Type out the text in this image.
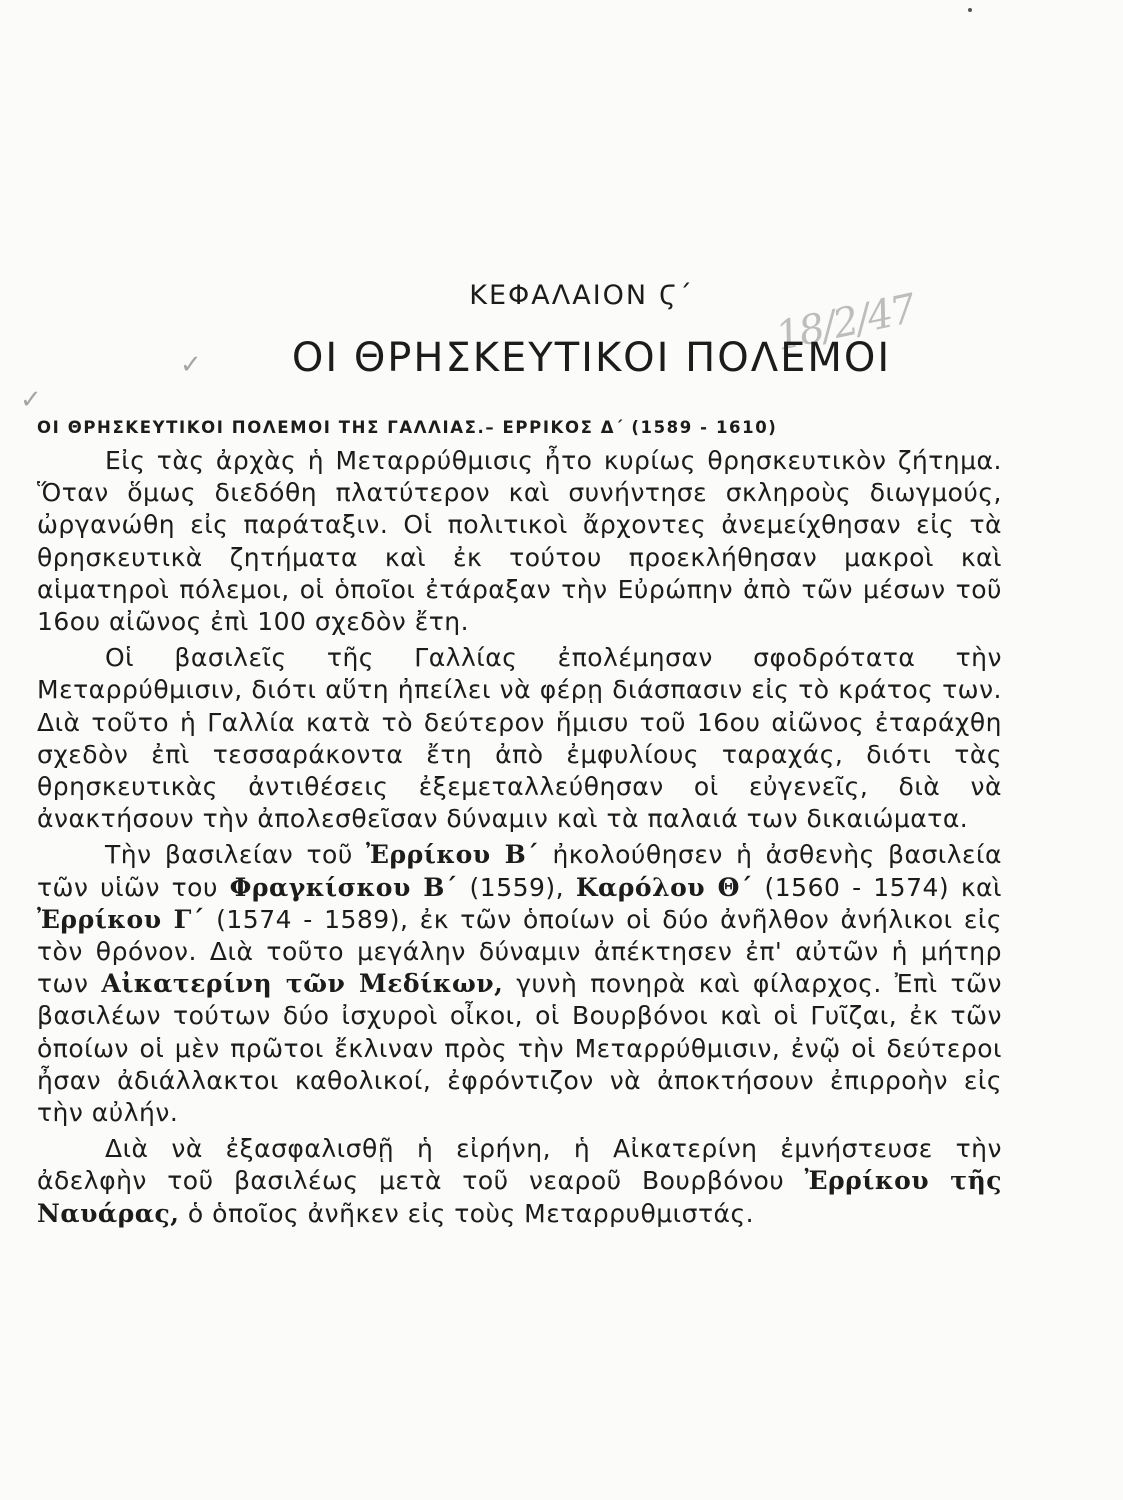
ΚΕΦΑΛΑΙΟΝ Ϛ΄	18/2/47
✓
✓
ΟΙ ΘΡΗΣΚΕΥΤΙΚΟΙ ΠΟΛΕΜΟΙ
ΟΙ ΘΡΗΣΚΕΥΤΙΚΟΙ ΠΟΛΕΜΟΙ ΤΗΣ ΓΑΛΛΙΑΣ.– ΕΡΡΙΚΟΣ Δ΄ (1589 - 1610)

Εἰς τὰς ἀρχὰς ἡ Μεταρρύθμισις ἦτο κυρίως θρησκευτικὸν ζήτημα. Ὅταν ὅμως διεδόθη πλατύτερον καὶ συνήντησε σκληροὺς διωγμούς, ὠργανώθη εἰς παράταξιν. Οἱ πολιτικοὶ ἄρχοντες ἀνεμείχθησαν εἰς τὰ θρησκευτικὰ ζητήματα καὶ ἐκ τούτου προεκλήθησαν μακροὶ καὶ αἱματηροὶ πόλεμοι, οἱ ὁποῖοι ἐτάραξαν τὴν Εὐρώπην ἀπὸ τῶν μέσων τοῦ 16ου αἰῶνος ἐπὶ 100 σχεδὸν ἔτη.

Οἱ βασιλεῖς τῆς Γαλλίας ἐπολέμησαν σφοδρότατα τὴν Μεταρρύθμισιν, διότι αὕτη ἠπείλει νὰ φέρῃ διάσπασιν εἰς τὸ κράτος των. Διὰ τοῦτο ἡ Γαλλία κατὰ τὸ δεύτερον ἥμισυ τοῦ 16ου αἰῶνος ἐταράχθη σχεδὸν ἐπὶ τεσσαράκοντα ἔτη ἀπὸ ἐμφυλίους ταραχάς, διότι τὰς θρησκευτικὰς ἀντιθέσεις ἐξεμεταλλεύθησαν οἱ εὐγενεῖς, διὰ νὰ ἀνακτήσουν τὴν ἀπολεσθεῖσαν δύναμιν καὶ τὰ παλαιά των δικαιώματα.

Τὴν βασιλείαν τοῦ Ἐρρίκου Β΄ ἠκολούθησεν ἡ ἀσθενὴς βασιλεία τῶν υἱῶν του Φραγκίσκου Β΄ (1559), Καρόλου Θ΄ (1560 - 1574) καὶ Ἐρρίκου Γ΄ (1574 - 1589), ἐκ τῶν ὁποίων οἱ δύο ἀνῆλθον ἀνήλικοι εἰς τὸν θρόνον. Διὰ τοῦτο μεγάλην δύναμιν ἀπέκτησεν ἐπ' αὐτῶν ἡ μήτηρ των Αἰκατερίνη τῶν Μεδίκων, γυνὴ πονηρὰ καὶ φίλαρχος. Ἐπὶ τῶν βασιλέων τούτων δύο ἰσχυροὶ οἶκοι, οἱ Βουρβόνοι καὶ οἱ Γυῖζαι, ἐκ τῶν ὁποίων οἱ μὲν πρῶτοι ἔκλιναν πρὸς τὴν Μεταρρύθμισιν, ἐνῷ οἱ δεύτεροι ἦσαν ἀδιάλλακτοι καθολικοί, ἐφρόντιζον νὰ ἀποκτήσουν ἐπιρροὴν εἰς τὴν αὐλήν.

Διὰ νὰ ἐξασφαλισθῇ ἡ εἰρήνη, ἡ Αἰκατερίνη ἐμνήστευσε τὴν ἀδελφὴν τοῦ βασιλέως μετὰ τοῦ νεαροῦ Βουρβόνου Ἐρρίκου τῆς Ναυάρας, ὁ ὁποῖος ἀνῆκεν εἰς τοὺς Μεταρρυθμιστάς.
